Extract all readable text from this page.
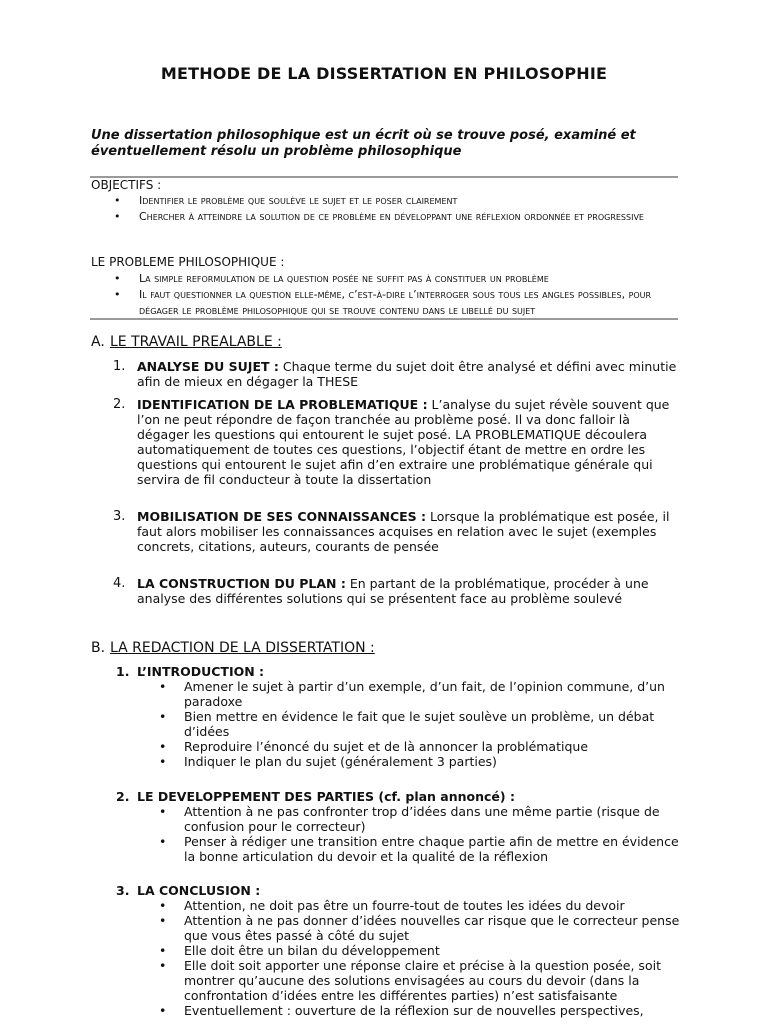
METHODE DE LA DISSERTATION EN PHILOSOPHIE
Une dissertation philosophique est un écrit où se trouve posé, examiné et éventuellement résolu un problème philosophique
OBJECTIFS :
• Identifier le problème que soulève le sujet et le poser clairement
• Chercher à atteindre la solution de ce problème en développant une réflexion ordonnée et progressive
LE PROBLEME PHILOSOPHIQUE :
• La simple reformulation de la question posée ne suffit pas à constituer un problème
• Il faut questionner la question elle-même, c’est-à-dire l’interroger sous tous les angles possibles, pour dégager le problème philosophique qui se trouve contenu dans le libellé du sujet
A. LE TRAVAIL PREALABLE :
1. ANALYSE DU SUJET : Chaque terme du sujet doit être analysé et défini avec minutie afin de mieux en dégager la THESE
2. IDENTIFICATION DE LA PROBLEMATIQUE : L’analyse du sujet révèle souvent que l’on ne peut répondre de façon tranchée au problème posé. Il va donc falloir là dégager les questions qui entourent le sujet posé. LA PROBLEMATIQUE découlera automatiquement de toutes ces questions, l’objectif étant de mettre en ordre les questions qui entourent le sujet afin d’en extraire une problématique générale qui servira de fil conducteur à toute la dissertation
3. MOBILISATION DE SES CONNAISSANCES : Lorsque la problématique est posée, il faut alors mobiliser les connaissances acquises en relation avec le sujet (exemples concrets, citations, auteurs, courants de pensée
4. LA CONSTRUCTION DU PLAN : En partant de la problématique, procéder à une analyse des différentes solutions qui se présentent face au problème soulevé
B. LA REDACTION DE LA DISSERTATION :
1. L’INTRODUCTION :
• Amener le sujet à partir d’un exemple, d’un fait, de l’opinion commune, d’un paradoxe
• Bien mettre en évidence le fait que le sujet soulève un problème, un débat d’idées
• Reproduire l’énoncé du sujet et de là annoncer la problématique
• Indiquer le plan du sujet (généralement 3 parties)
2. LE DEVELOPPEMENT DES PARTIES (cf. plan annoncé) :
• Attention à ne pas confronter trop d’idées dans une même partie (risque de confusion pour le correcteur)
• Penser à rédiger une transition entre chaque partie afin de mettre en évidence la bonne articulation du devoir et la qualité de la réflexion
3. LA CONCLUSION :
• Attention, ne doit pas être un fourre-tout de toutes les idées du devoir
• Attention à ne pas donner d’idées nouvelles car risque que le correcteur pense que vous êtes passé à côté du sujet
• Elle doit être un bilan du développement
• Elle doit soit apporter une réponse claire et précise à la question posée, soit montrer qu’aucune des solutions envisagées au cours du devoir (dans la confrontation d’idées entre les différentes parties) n’est satisfaisante
• Eventuellement : ouverture de la réflexion sur de nouvelles perspectives,
